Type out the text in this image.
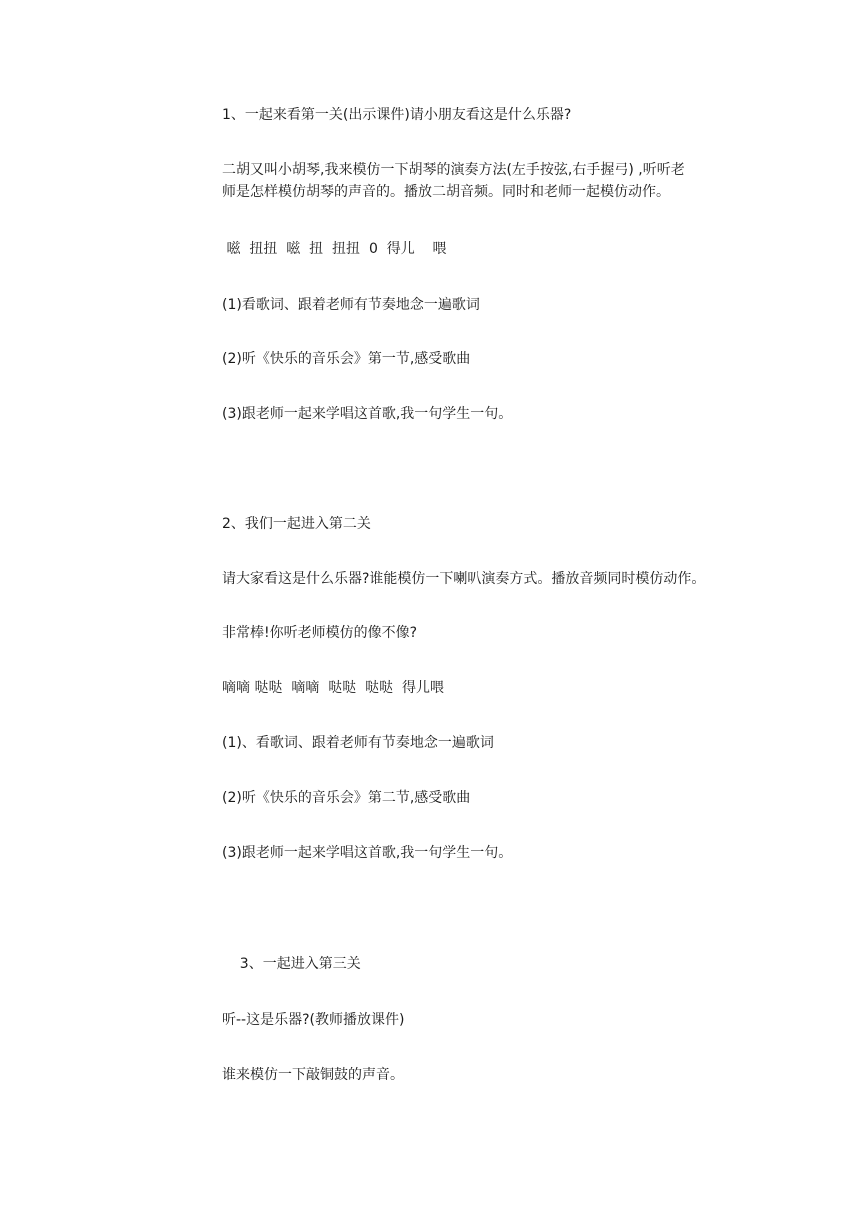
1、一起来看第一关(出示课件)请小朋友看这是什么乐器?

二胡又叫小胡琴,我来模仿一下胡琴的演奏方法(左手按弦,右手握弓) ,听听老

师是怎样模仿胡琴的声音的。播放二胡音频。同时和老师一起模仿动作。

嗞  扭扭  嗞  扭  扭扭  0  得儿    喂

(1)看歌词、跟着老师有节奏地念一遍歌词

(2)听《快乐的音乐会》第一节,感受歌曲

(3)跟老师一起来学唱这首歌,我一句学生一句。

2、我们一起进入第二关

请大家看这是什么乐器?谁能模仿一下喇叭演奏方式。播放音频同时模仿动作。

非常棒!你听老师模仿的像不像?

嘀嘀 哒哒  嘀嘀  哒哒  哒哒  得儿喂

(1)、看歌词、跟着老师有节奏地念一遍歌词

(2)听《快乐的音乐会》第二节,感受歌曲

(3)跟老师一起来学唱这首歌,我一句学生一句。

3、一起进入第三关

听--这是乐器?(教师播放课件)

谁来模仿一下敲铜鼓的声音。
